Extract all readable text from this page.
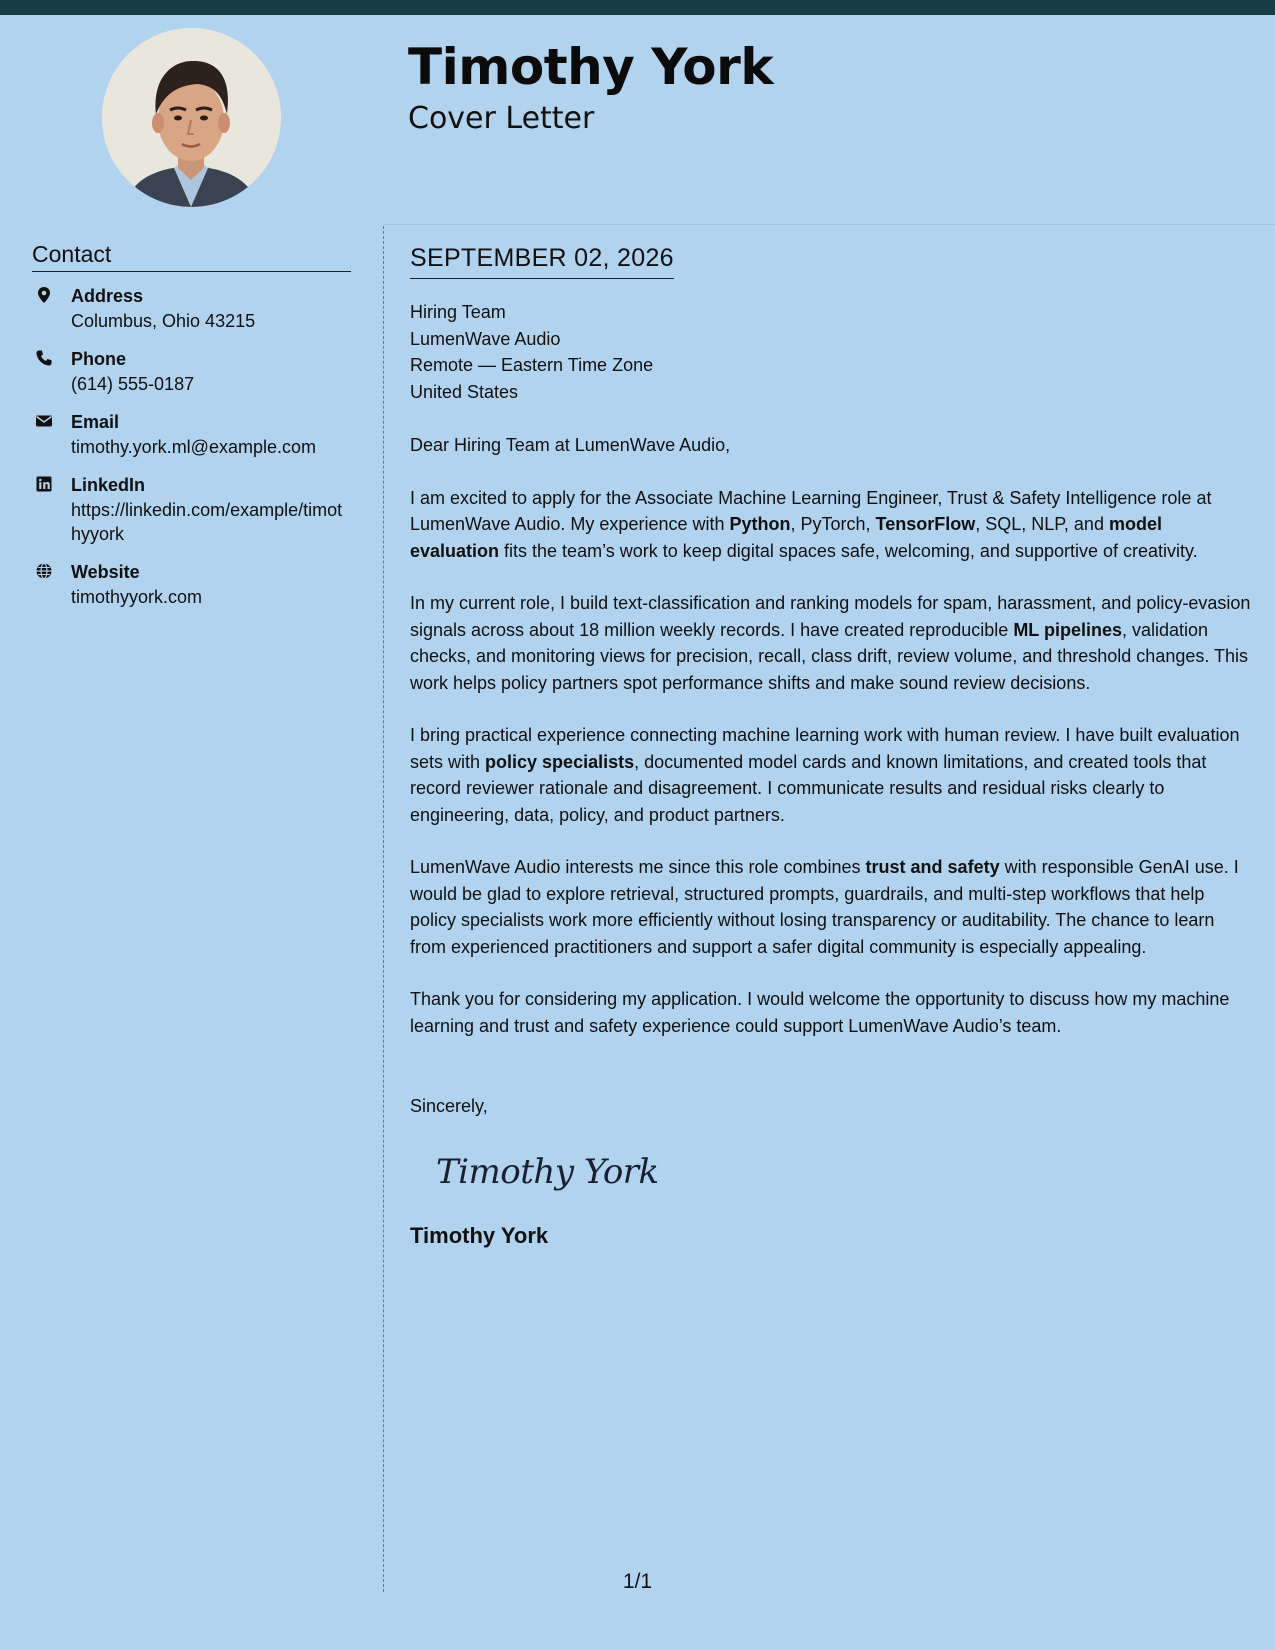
Timothy York
Cover Letter
Contact
Address
Columbus, Ohio 43215
Phone
(614) 555-0187
Email
timothy.york.ml@example.com
LinkedIn
https://linkedin.com/example/timothyyork
Website
timothyyork.com
SEPTEMBER 02, 2026
Hiring Team
LumenWave Audio
Remote — Eastern Time Zone
United States

Dear Hiring Team at LumenWave Audio,

I am excited to apply for the Associate Machine Learning Engineer, Trust & Safety Intelligence role at LumenWave Audio. My experience with Python, PyTorch, TensorFlow, SQL, NLP, and model evaluation fits the team’s work to keep digital spaces safe, welcoming, and supportive of creativity.

In my current role, I build text-classification and ranking models for spam, harassment, and policy-evasion signals across about 18 million weekly records. I have created reproducible ML pipelines, validation checks, and monitoring views for precision, recall, class drift, review volume, and threshold changes. This work helps policy partners spot performance shifts and make sound review decisions.

I bring practical experience connecting machine learning work with human review. I have built evaluation sets with policy specialists, documented model cards and known limitations, and created tools that record reviewer rationale and disagreement. I communicate results and residual risks clearly to engineering, data, policy, and product partners.

LumenWave Audio interests me since this role combines trust and safety with responsible GenAI use. I would be glad to explore retrieval, structured prompts, guardrails, and multi-step workflows that help policy specialists work more efficiently without losing transparency or auditability. The chance to learn from experienced practitioners and support a safer digital community is especially appealing.

Thank you for considering my application. I would welcome the opportunity to discuss how my machine learning and trust and safety experience could support LumenWave Audio’s team.

Sincerely,
Timothy York
Timothy York
1/1
